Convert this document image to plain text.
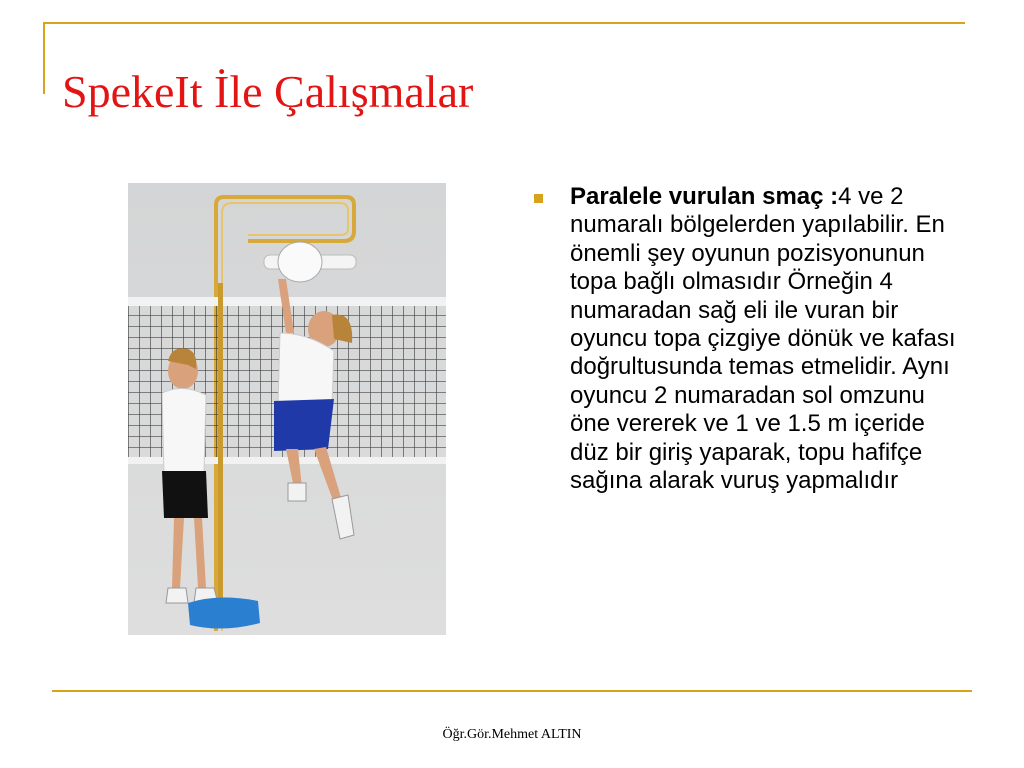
SpekeIt İle Çalışmalar

Paralele vurulan smaç :4 ve 2 numaralı bölgelerden yapılabilir. En önemli şey oyunun pozisyonunun topa bağlı olmasıdır Örneğin 4 numaradan sağ eli ile vuran bir oyuncu topa çizgiye dönük ve kafası doğrultusunda temas etmelidir. Aynı oyuncu 2 numaradan sol omzunu öne vererek ve 1 ve 1.5 m içeride düz bir giriş yaparak, topu hafifçe sağına alarak vuruş yapmalıdır

Öğr.Gör.Mehmet ALTIN
